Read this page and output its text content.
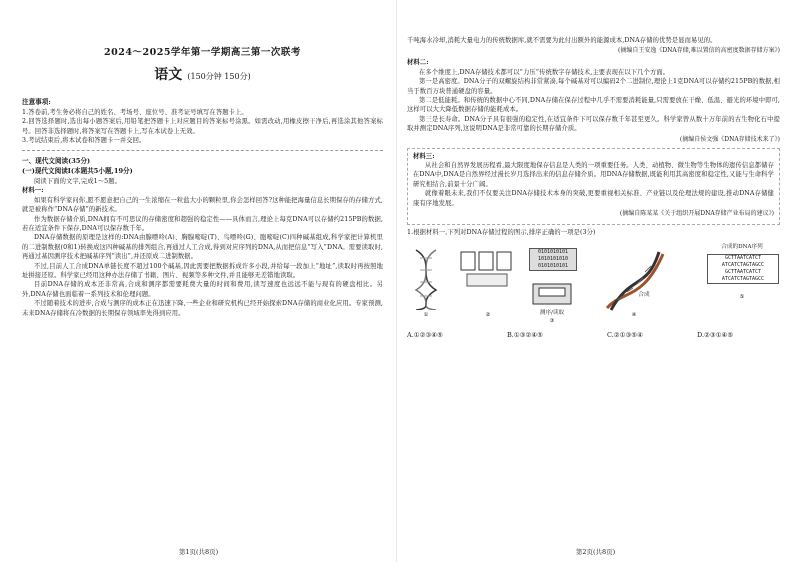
2024～2025学年第一学期高三第一次联考

语文 (150分钟 150分)

注意事项:

1.答卷前,考生务必将自己的姓名、考场号、座位号、准考证号填写在答题卡上。

2.回答选择题时,选出每小题答案后,用铅笔把答题卡上对应题目的答案标号涂黑。如需改动,用橡皮擦干净后,再选涂其他答案标号。回答非选择题时,将答案写在答题卡上,写在本试卷上无效。

3.考试结束后,将本试卷和答题卡一并交回。

一、现代文阅读(35分)

(一)现代文阅读Ⅰ(本题共5小题,19分)

阅读下面的文字,完成1～5题。

材料一:

如果有科学家问你,愿不愿意把自己的一生浓缩在一粒盐大小的颗粒里,你会怎样回答?这种能把海量信息长期保存的存储方式,就是被称作“DNA存储”的新技术。

作为数据存储介质,DNA拥有不可思议的存储密度和超强的稳定性——具体而言,理论上每克DNA可以存储约215PB的数据,若在适宜条件下保存,DNA可以保存数千年。

DNA存储数据的原理是这样的:DNA由腺嘌呤(A)、胸腺嘧啶(T)、鸟嘌呤(G)、胞嘧啶(C)四种碱基组成,科学家把计算机里的二进制数据(0和1)转换成这四种碱基的排列组合,再通过人工合成,得到对应序列的DNA,从而把信息“写入”DNA。需要读取时,再通过基因测序技术把碱基序列“读出”,并还原成二进制数据。

不过,目前人工合成DNA单链长度不超过100个碱基,因此需要把数据拆成许多小段,并给每一段加上“地址”,读取时再按照地址拼接还原。科学家已经用这种办法存储了书籍、图片、视频等多种文件,并且能够无差错地读取。

目前DNA存储的成本还非常高,合成和测序都需要耗费大量的时间和费用,读写速度也远远不能与现有的硬盘相比。另外,DNA存储也面临着一系列技术和伦理问题。

不过随着技术的进步,合成与测序的成本正在迅速下降,一些企业和研究机构已经开始探索DNA存储的商业化应用。专家预测,未来DNA存储将在冷数据的长期保存领域率先得到应用。

第1页(共8页)

千吨海水冷却,消耗大量电力的传统数据库,就不需要为此付出额外的能源成本,DNA存储的优势是显而易见的。

(摘编自王安逸《DNA存储,难以置信的高密度数据存储方案》)

材料二:

在多个维度上,DNA存储技术都可以“力压”传统数字存储技术,主要表现在以下几个方面。

第一是高密度。DNA分子的双螺旋结构非常紧凑,每个碱基对可以编码2个二进制位,理论上1克DNA可以存储约215PB的数据,相当于数百万块普通硬盘的容量。

第二是低能耗。和传统的数据中心不同,DNA存储在保存过程中几乎不需要消耗能量,只需要放在干燥、低温、避光的环境中即可,这样可以大大降低数据存储的能耗成本。

第三是长寿命。DNA分子具有很强的稳定性,在适宜条件下可以保存数千年甚至更久。科学家曾从数十万年前的古生物化石中提取并测定DNA序列,这说明DNA是非常可靠的长期存储介质。

(摘编自侯文强《DNA存储技术来了》)

材料三:

从社会和自然界发展历程看,最大限度地保存信息是人类的一项重要任务。人类、动植物、微生物等生物体的遗传信息都储存在DNA中,DNA是自然界经过漫长岁月选择出来的信息存储介质。用DNA存储数据,既能利用其高密度和稳定性,又能与生命科学研究相结合,前景十分广阔。

就像着眼未来,我们不仅要关注DNA存储技术本身的突破,更要重视相关标准、产业链以及伦理法规的建设,推动DNA存储健康有序地发展。

(摘编自陈某某《关于组织开展DNA存储产业布局的建议》)

1.根据材料一,下列对DNA存储过程的图示,排序正确的一项是(3分)

0101010101
1010101010
0101010101
测序/读取
合成
合成的DNA序列
GCTTAATCATCT
ATCATCTAGTAGCC
GCTTAATCATCT
ATCATCTAGTAGCC
①	②
③
④
⑤
A.①②③④⑤	B.①③②④⑤	C.②①③⑤④	D.②③①④⑤
第2页(共8页)
